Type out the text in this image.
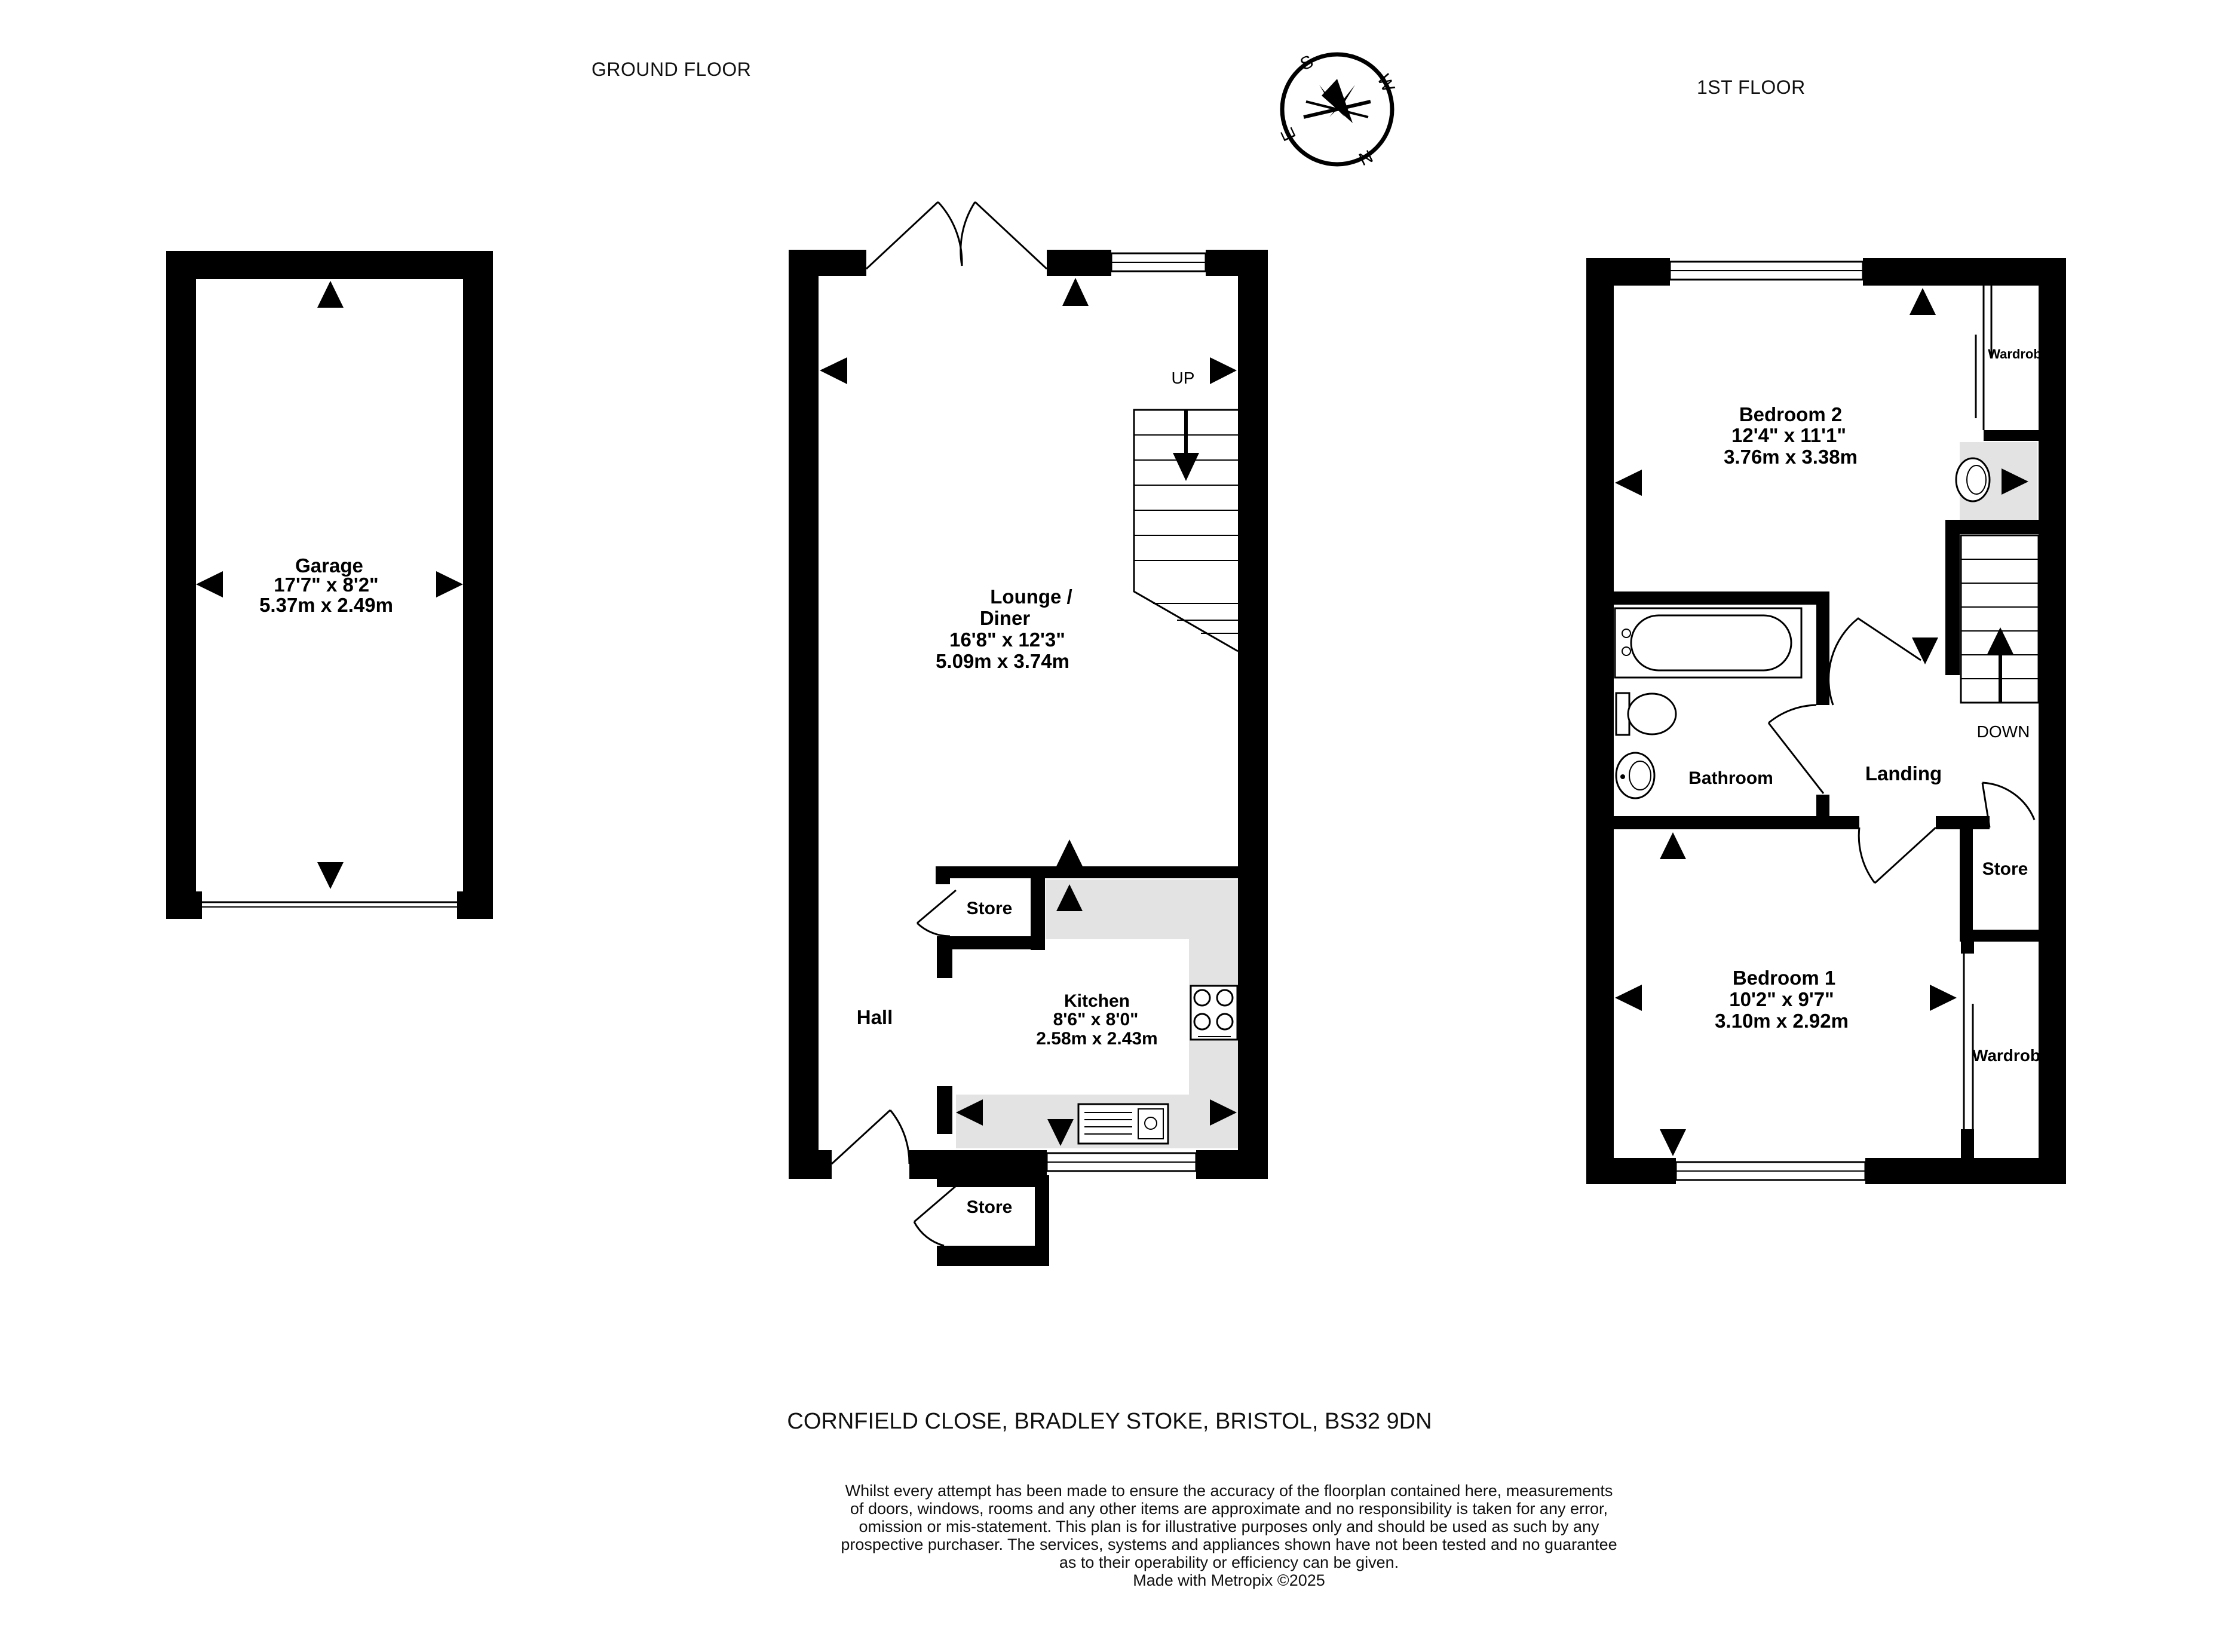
GROUND FLOOR
1ST FLOOR
S
W
N
E
Garage
17'7" x 8'2"
5.37m x 2.49m
UP
Lounge /
Diner
16'8" x 12'3"
5.09m x 3.74m
Store
Kitchen
8'6" x 8'0"
2.58m x 2.43m
Hall
Store
Wardrob
Bedroom 2
12'4" x 11'1"
3.76m x 3.38m
DOWN
Bathroom	Landing
Store
Wardrob
Bedroom 1
10'2" x 9'7"
3.10m x 2.92m
CORNFIELD CLOSE, BRADLEY STOKE, BRISTOL, BS32 9DN
Whilst every attempt has been made to ensure the accuracy of the floorplan contained here, measurements
of doors, windows, rooms and any other items are approximate and no responsibility is taken for any error,
omission or mis-statement. This plan is for illustrative purposes only and should be used as such by any
prospective purchaser. The services, systems and appliances shown have not been tested and no guarantee
as to their operability or efficiency can be given.
Made with Metropix ©2025
